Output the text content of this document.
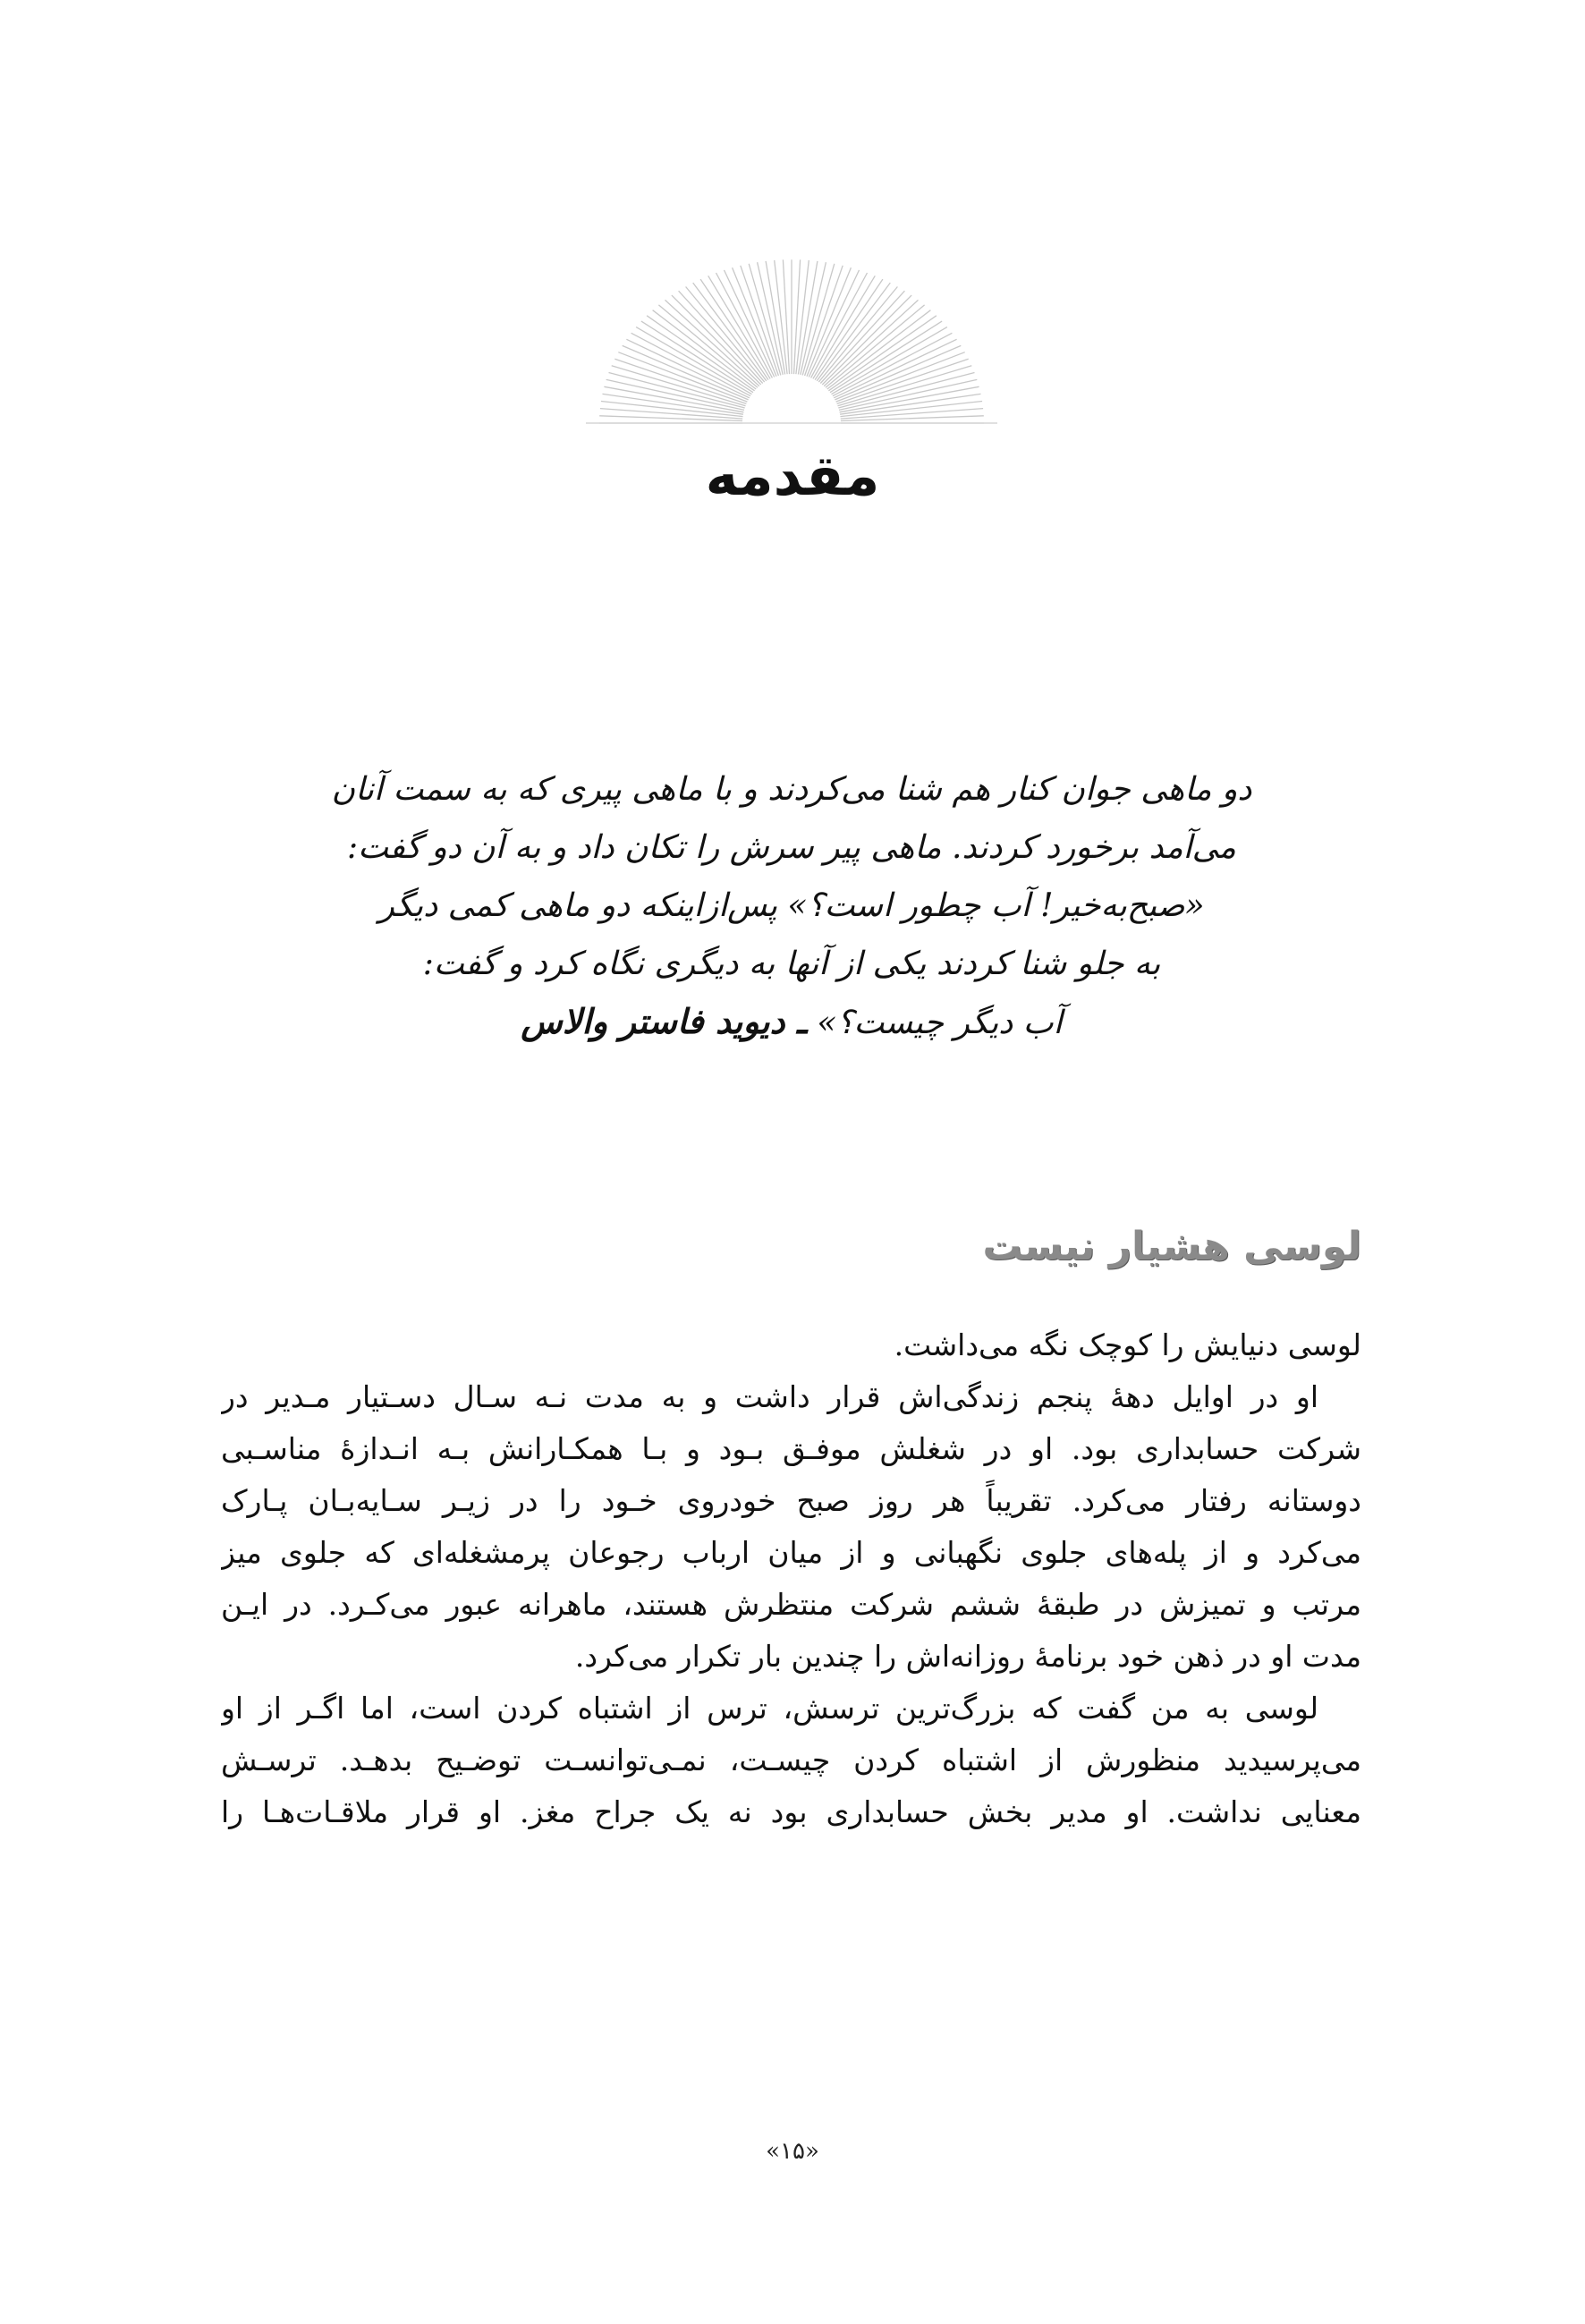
مقدمه
دو ماهی جوان کنار هم شنا می‌کردند و با ماهی پیری که به سمت آنان
می‌آمد برخورد کردند. ماهی پیر سرش را تکان داد و به آن دو گفت:
«صبح‌به‌خیر! آب چطور است؟» پس‌ازاینکه دو ماهی کمی دیگر
به جلو شنا کردند یکی از آنها به دیگری نگاه کرد و گفت:
آب دیگر چیست؟» ـ دیوید فاستر والاس
لوسی هشیار نیست
لوسی دنیایش را کوچک نگه می‌داشت.
او در اوایل دههٔ پنجم زندگی‌اش قرار داشت و به مدت نـه سـال دسـتیار مـدیر در
شرکت حسابداری بود. او در شغلش موفـق بـود و بـا همکـارانش بـه انـدازهٔ مناسـبی
دوستانه رفتار می‌کرد. تقریباً هر روز صبح خودروی خـود را در زیـر سـایه‌بـان پـارک
می‌کرد و از پله‌های جلوی نگهبانی و از میان ارباب رجوعان پرمشغله‌ای که جلوی میز
مرتب و تمیزش در طبقهٔ ششم شرکت منتظرش هستند، ماهرانه عبور می‌کـرد. در ایـن
مدت او در ذهن خود برنامهٔ روزانه‌اش را چندین بار تکرار می‌کرد.
لوسی به من گفت که بزرگ‌ترین ترسش، ترس از اشتباه کردن است، اما اگـر از او
می‌پرسیدید منظورش از اشتباه کردن چیسـت، نمـی‌توانسـت توضـیح بدهـد. ترسـش
معنایی نداشت. او مدیر بخش حسابداری بود نه یک جراح مغز. او قرار ملاقـات‌هـا را

«۱۵»
